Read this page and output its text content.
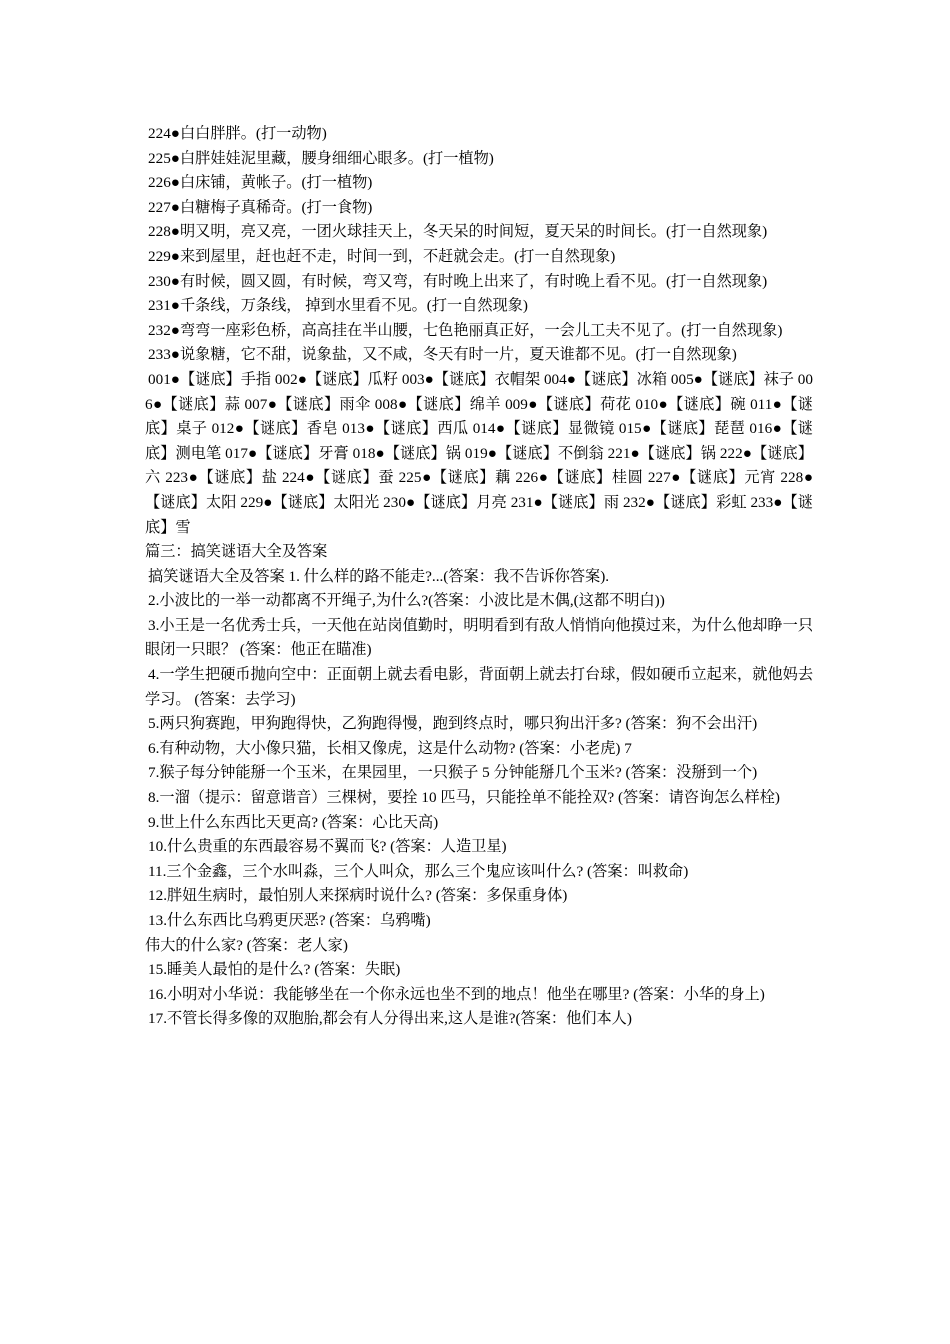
224●白白胖胖。(打一动物)

225●白胖娃娃泥里藏，腰身细细心眼多。(打一植物)

226●白床铺，黄帐子。(打一植物)

227●白糖梅子真稀奇。(打一食物)

228●明又明，亮又亮，一团火球挂天上，冬天呆的时间短，夏天呆的时间长。(打一自然现象)

229●来到屋里，赶也赶不走，时间一到，不赶就会走。(打一自然现象)

230●有时候，圆又圆，有时候，弯又弯，有时晚上出来了，有时晚上看不见。(打一自然现象)

231●千条线，万条线， 掉到水里看不见。(打一自然现象)

232●弯弯一座彩色桥，高高挂在半山腰，七色艳丽真正好，一会儿工夫不见了。(打一自然现象)

233●说象糖，它不甜，说象盐，又不咸，冬天有时一片，夏天谁都不见。(打一自然现象)

001●【谜底】手指 002●【谜底】瓜籽 003●【谜底】衣帽架 004●【谜底】冰箱 005●【谜底】袜子 006●【谜底】蒜 007●【谜底】雨伞 008●【谜底】绵羊 009●【谜底】荷花 010●【谜底】碗 011●【谜底】桌子 012●【谜底】香皂 013●【谜底】西瓜 014●【谜底】显微镜 015●【谜底】琵琶 016●【谜底】测电笔 017●【谜底】牙膏 018●【谜底】锅 019●【谜底】不倒翁 221●【谜底】锅 222●【谜底】六 223●【谜底】盐 224●【谜底】蚕 225●【谜底】藕 226●【谜底】桂圆 227●【谜底】元宵 228●【谜底】太阳 229●【谜底】太阳光 230●【谜底】月亮 231●【谜底】雨 232●【谜底】彩虹 233●【谜底】雪

篇三：搞笑谜语大全及答案

搞笑谜语大全及答案 1. 什么样的路不能走?...(答案：我不告诉你答案).

2.小波比的一举一动都离不开绳子,为什么?(答案：小波比是木偶,(这都不明白))

3.小王是一名优秀士兵，一天他在站岗值勤时，明明看到有敌人悄悄向他摸过来，为什么他却睁一只眼闭一只眼？ (答案：他正在瞄准)

4.一学生把硬币抛向空中：正面朝上就去看电影，背面朝上就去打台球，假如硬币立起来，就他妈去学习。 (答案：去学习)

5.两只狗赛跑，甲狗跑得快，乙狗跑得慢，跑到终点时，哪只狗出汗多? (答案：狗不会出汗)

6.有种动物，大小像只猫，长相又像虎，这是什么动物? (答案：小老虎) 7

7.猴子每分钟能掰一个玉米，在果园里，一只猴子 5 分钟能掰几个玉米? (答案：没掰到一个)

8.一溜（提示：留意谐音）三棵树，要拴 10 匹马，只能拴单不能拴双? (答案：请咨询怎么样栓)

9.世上什么东西比天更高? (答案：心比天高)

10.什么贵重的东西最容易不翼而飞? (答案：人造卫星)

11.三个金鑫，三个水叫淼，三个人叫众，那么三个鬼应该叫什么? (答案：叫救命)

12.胖妞生病时，最怕别人来探病时说什么? (答案：多保重身体)

13.什么东西比乌鸦更厌恶? (答案：乌鸦嘴)

伟大的什么家? (答案：老人家)

15.睡美人最怕的是什么? (答案：失眠)

16.小明对小华说：我能够坐在一个你永远也坐不到的地点！他坐在哪里? (答案：小华的身上)

17.不管长得多像的双胞胎,都会有人分得出来,这人是谁?(答案：他们本人)
